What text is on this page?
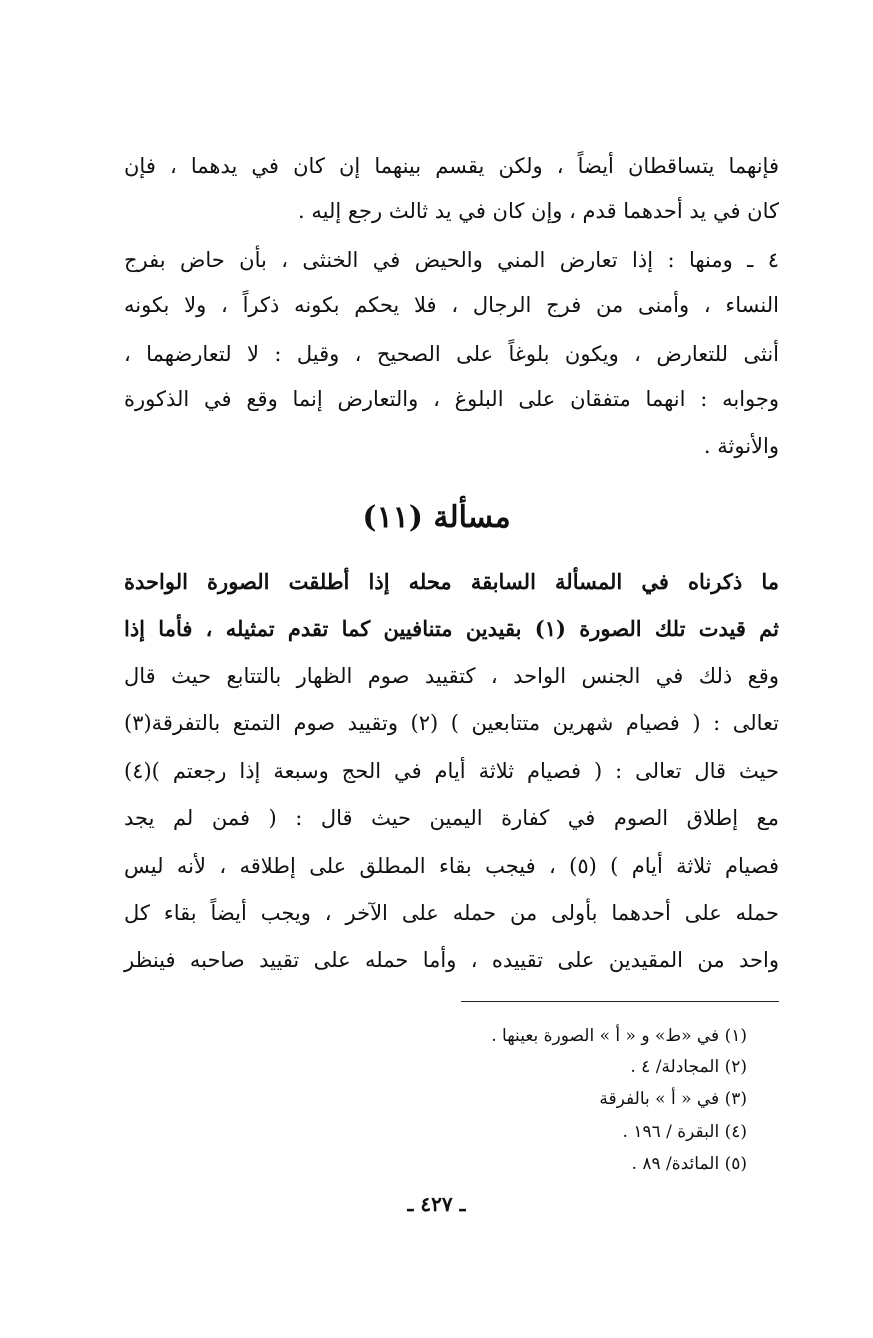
فإنهما يتساقطان أيضاً ، ولكن يقسم بينهما إن كان في يدهما ، فإن
كان في يد أحدهما قدم ، وإن كان في يد ثالث رجع إليه .
٤ ـ ومنها : إذا تعارض المني والحيض في الخنثى ، بأن حاض بفرج
النساء ، وأمنى من فرج الرجال ، فلا يحكم بكونه ذكراً ، ولا بكونه
أنثى للتعارض ، ويكون بلوغاً على الصحيح ، وقيل : لا لتعارضهما ،
وجوابه : انهما متفقان على البلوغ ، والتعارض إنما وقع في الذكورة
والأنوثة .
مسألة (١١)
ما ذكرناه في المسألة السابقة محله إذا أطلقت الصورة الواحدة
ثم قيدت تلك الصورة (١) بقيدين متنافيين كما تقدم تمثيله ، فأما إذا
وقع ذلك في الجنس الواحد ، كتقييد صوم الظهار بالتتابع حيث قال
تعالى : ( فصيام شهرين متتابعين ) (٢) وتقييد صوم التمتع بالتفرقة(٣)
حيث قال تعالى : ( فصيام ثلاثة أيام في الحج وسبعة إذا رجعتم )(٤)
مع إطلاق الصوم في كفارة اليمين حيث قال : ( فمن لم يجد
فصيام ثلاثة أيام ) (٥) ، فيجب بقاء المطلق على إطلاقه ، لأنه ليس
حمله على أحدهما بأولى من حمله على الآخر ، ويجب أيضاً بقاء كل
واحد من المقيدين على تقييده ، وأما حمله على تقييد صاحبه فينظر
(١) في «ط» و « أ » الصورة بعينها .
(٢) المجادلة/ ٤ .
(٣) في « أ » بالفرقة
(٤) البقرة / ١٩٦ .
(٥) المائدة/ ٨٩ .
ـ ٤٢٧ ـ
